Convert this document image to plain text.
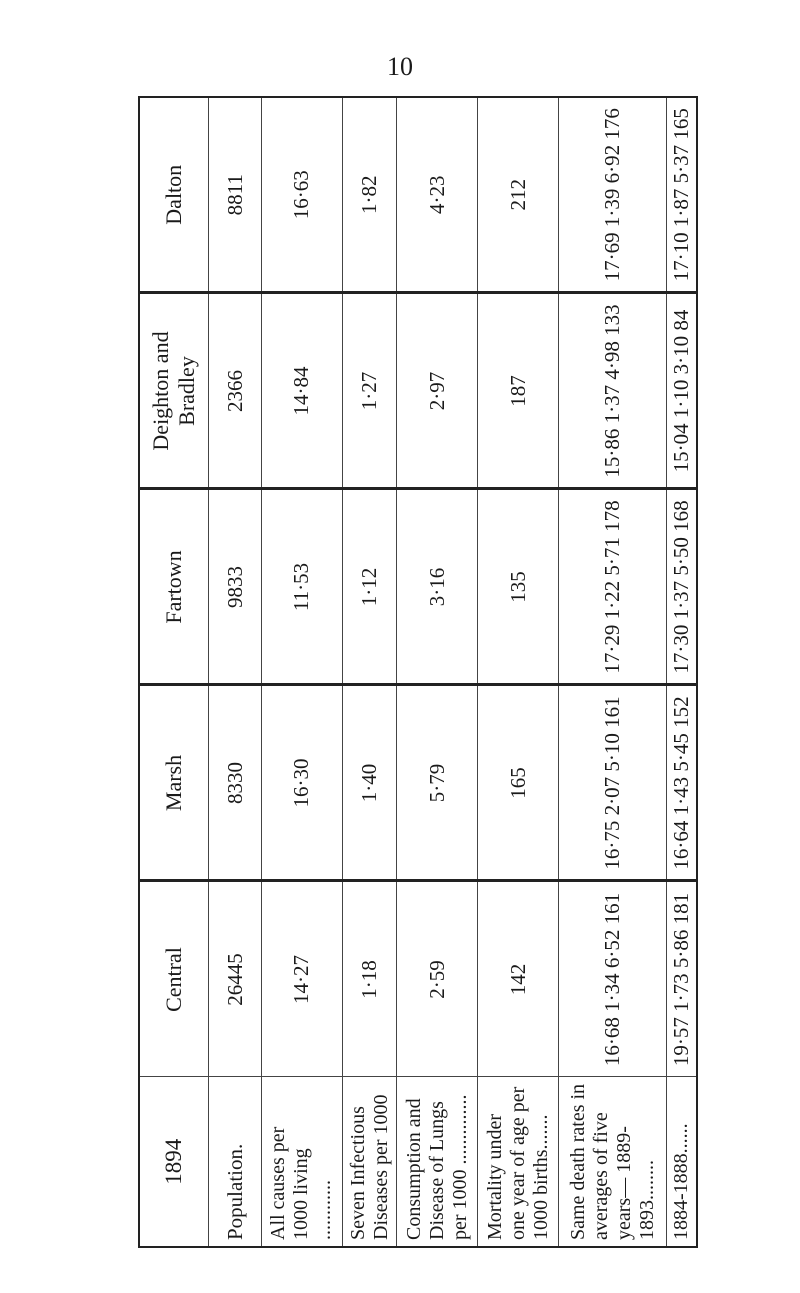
10
1894	Central	Marsh	Fartown	Deighton and Bradley	Dalton
Population.	26445	8330	9833	2366	8811
All causes per 1000 living ............	14·27	16·30	11·53	14·84	16·63
Seven Infectious Diseases per 1000	1·18	1·40	1·12	1·27	1·82
Consumption and Disease of Lungs per 1000 ..............	2·59	5·79	3·16	2·97	4·23
Mortality under one year of age per 1000 births.......	142	165	135	187	212
Same death rates in averages of five years— 1889-1893........	16·68 1·34 6·52 161	16·75 2·07 5·10 161	17·29 1·22 5·71 178	15·86 1·37 4·98 133	17·69 1·39 6·92 176
1884-1888......	19·57 1·73 5·86 181	16·64 1·43 5·45 152	17·30 1·37 5·50 168	15·04 1·10 3·10 84	17·10 1·87 5·37 165
